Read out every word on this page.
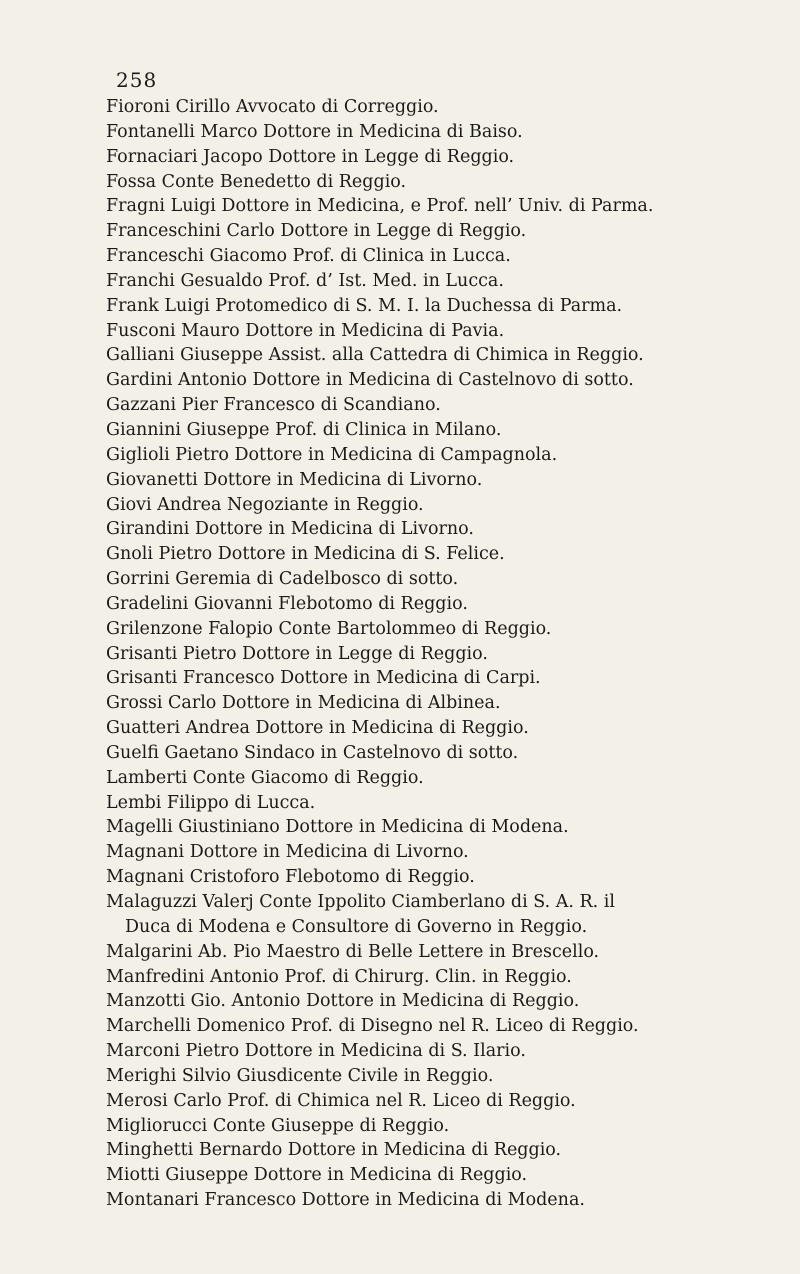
258
Fioroni Cirillo Avvocato di Correggio.
Fontanelli Marco Dottore in Medicina di Baiso.
Fornaciari Jacopo Dottore in Legge di Reggio.
Fossa Conte Benedetto di Reggio.
Fragni Luigi Dottore in Medicina, e Prof. nell’ Univ. di Parma.
Franceschini Carlo Dottore in Legge di Reggio.
Franceschi Giacomo Prof. di Clinica in Lucca.
Franchi Gesualdo Prof. d’ Ist. Med. in Lucca.
Frank Luigi Protomedico di S. M. I. la Duchessa di Parma.
Fusconi Mauro Dottore in Medicina di Pavia.
Galliani Giuseppe Assist. alla Cattedra di Chimica in Reggio.
Gardini Antonio Dottore in Medicina di Castelnovo di sotto.
Gazzani Pier Francesco di Scandiano.
Giannini Giuseppe Prof. di Clinica in Milano.
Giglioli Pietro Dottore in Medicina di Campagnola.
Giovanetti Dottore in Medicina di Livorno.
Giovi Andrea Negoziante in Reggio.
Girandini Dottore in Medicina di Livorno.
Gnoli Pietro Dottore in Medicina di S. Felice.
Gorrini Geremia di Cadelbosco di sotto.
Gradelini Giovanni Flebotomo di Reggio.
Grilenzone Falopio Conte Bartolommeo di Reggio.
Grisanti Pietro Dottore in Legge di Reggio.
Grisanti Francesco Dottore in Medicina di Carpi.
Grossi Carlo Dottore in Medicina di Albinea.
Guatteri Andrea Dottore in Medicina di Reggio.
Guelfi Gaetano Sindaco in Castelnovo di sotto.
Lamberti Conte Giacomo di Reggio.
Lembi Filippo di Lucca.
Magelli Giustiniano Dottore in Medicina di Modena.
Magnani Dottore in Medicina di Livorno.
Magnani Cristoforo Flebotomo di Reggio.
Malaguzzi Valerj Conte Ippolito Ciamberlano di S. A. R. il
Duca di Modena e Consultore di Governo in Reggio.
Malgarini Ab. Pio Maestro di Belle Lettere in Brescello.
Manfredini Antonio Prof. di Chirurg. Clin. in Reggio.
Manzotti Gio. Antonio Dottore in Medicina di Reggio.
Marchelli Domenico Prof. di Disegno nel R. Liceo di Reggio.
Marconi Pietro Dottore in Medicina di S. Ilario.
Merighi Silvio Giusdicente Civile in Reggio.
Merosi Carlo Prof. di Chimica nel R. Liceo di Reggio.
Migliorucci Conte Giuseppe di Reggio.
Minghetti Bernardo Dottore in Medicina di Reggio.
Miotti Giuseppe Dottore in Medicina di Reggio.
Montanari Francesco Dottore in Medicina di Modena.
